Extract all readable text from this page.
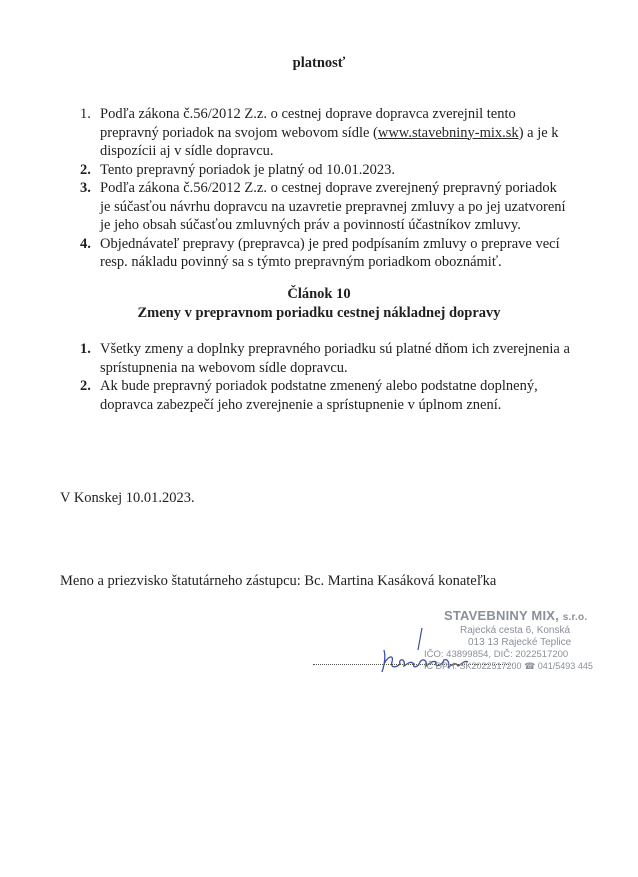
platnosť
1. Podľa zákona č.56/2012 Z.z. o cestnej doprave dopravca zverejnil tento prepravný poriadok na svojom webovom sídle (www.stavebniny-mix.sk) a je k dispozícii aj v sídle dopravcu.
2. Tento prepravný poriadok je platný od 10.01.2023.
3. Podľa zákona č.56/2012 Z.z. o cestnej doprave zverejnený prepravný poriadok je súčasťou návrhu dopravcu na uzavretie prepravnej zmluvy a po jej uzatvorení je jeho obsah súčasťou zmluvných práv a povinností účastníkov zmluvy.
4. Objednávateľ prepravy (prepravca) je pred podpísaním zmluvy o preprave vecí resp. nákladu povinný sa s týmto prepravným poriadkom oboznámiť.
Článok 10
Zmeny v prepravnom poriadku cestnej nákladnej dopravy
1. Všetky zmeny a doplnky prepravného poriadku sú platné dňom ich zverejnenia a sprístupnenia na webovom sídle dopravcu.
2. Ak bude prepravný poriadok podstatne zmenený alebo podstatne doplnený, dopravca zabezpečí jeho zverejnenie a sprístupnenie v úplnom znení.
V Konskej 10.01.2023.
Meno a priezvisko štatutárneho zástupcu: Bc. Martina Kasáková konateľka
STAVEBNINY MIX, s.r.o.
Rajecká cesta 6, Konská
013 13 Rajecké Teplice
IČO: 43899854, DIČ: 2022517200
IČ DPH: SK2022517200 ☎ 041/5493 445
